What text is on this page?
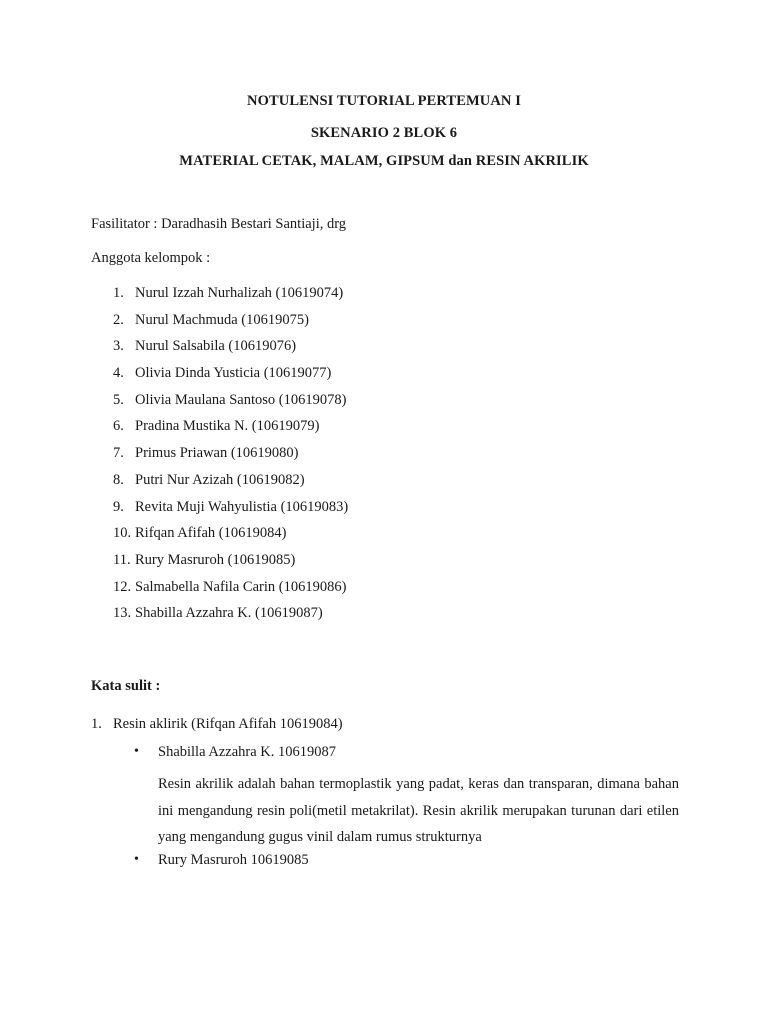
NOTULENSI TUTORIAL PERTEMUAN I
SKENARIO 2 BLOK 6
MATERIAL CETAK, MALAM, GIPSUM dan RESIN AKRILIK
Fasilitator : Daradhasih Bestari Santiaji, drg
Anggota kelompok :
1. Nurul Izzah Nurhalizah (10619074)
2. Nurul Machmuda (10619075)
3. Nurul Salsabila (10619076)
4. Olivia Dinda Yusticia (10619077)
5. Olivia Maulana Santoso (10619078)
6. Pradina Mustika N. (10619079)
7. Primus Priawan (10619080)
8. Putri Nur Azizah (10619082)
9. Revita Muji Wahyulistia (10619083)
10. Rifqan Afifah (10619084)
11. Rury Masruroh (10619085)
12. Salmabella Nafila Carin (10619086)
13. Shabilla Azzahra K. (10619087)
Kata sulit :
1. Resin aklirik (Rifqan Afifah 10619084)
• Shabilla Azzahra K. 10619087

Resin akrilik adalah bahan termoplastik yang padat, keras dan transparan, dimana bahan ini mengandung resin poli(metil metakrilat). Resin akrilik merupakan turunan dari etilen yang mengandung gugus vinil dalam rumus strukturnya

• Rury Masruroh 10619085
